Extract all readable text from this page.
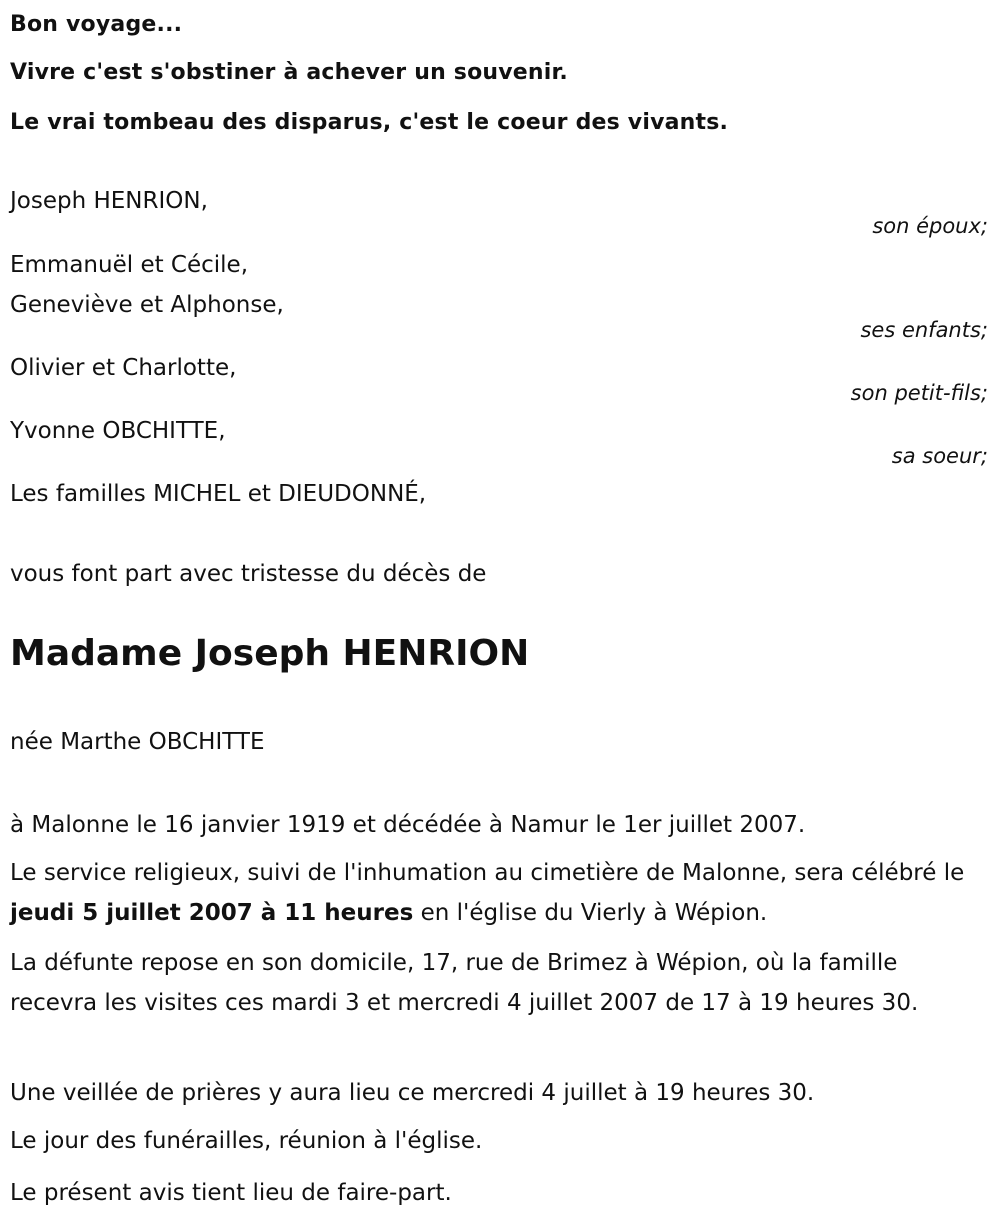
Bon voyage...

Vivre c'est s'obstiner à achever un souvenir.

Le vrai tombeau des disparus, c'est le coeur des vivants.

Joseph HENRION,

son époux;

Emmanuël et Cécile,

Geneviève et Alphonse,

ses enfants;

Olivier et Charlotte,

son petit-fils;

Yvonne OBCHITTE,

sa soeur;

Les familles MICHEL et DIEUDONNÉ,

vous font part avec tristesse du décès de

Madame Joseph HENRION

née Marthe OBCHITTE

à Malonne le 16 janvier 1919 et décédée à Namur le 1er juillet 2007.

Le service religieux, suivi de l'inhumation au cimetière de Malonne, sera célébré le jeudi 5 juillet 2007 à 11 heures en l'église du Vierly à Wépion.

La défunte repose en son domicile, 17, rue de Brimez à Wépion, où la famille recevra les visites ces mardi 3 et mercredi 4 juillet 2007 de 17 à 19 heures 30.

Une veillée de prières y aura lieu ce mercredi 4 juillet à 19 heures 30.

Le jour des funérailles, réunion à l'église.

Le présent avis tient lieu de faire-part.
